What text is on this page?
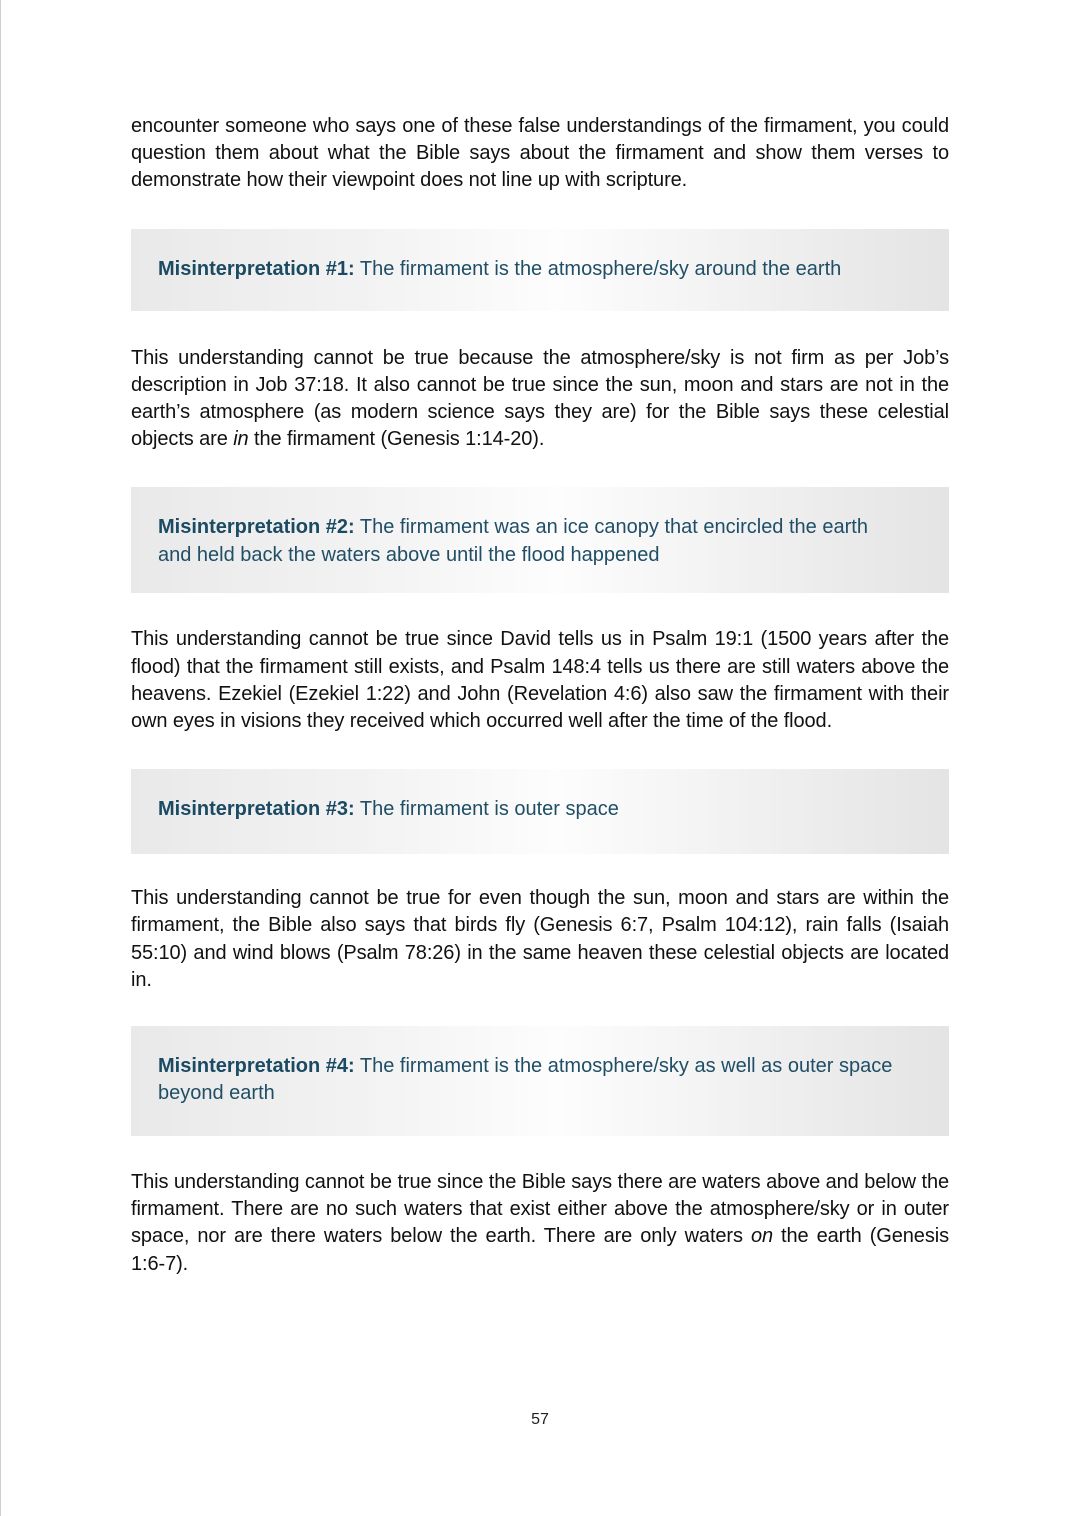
encounter someone who says one of these false understandings of the firmament, you could question them about what the Bible says about the firmament and show them verses to demonstrate how their viewpoint does not line up with scripture.

Misinterpretation #1: The firmament is the atmosphere/sky around the earth

This understanding cannot be true because the atmosphere/sky is not firm as per Job’s description in Job 37:18. It also cannot be true since the sun, moon and stars are not in the earth’s atmosphere (as modern science says they are) for the Bible says these celestial objects are in the firmament (Genesis 1:14-20).

Misinterpretation #2: The firmament was an ice canopy that encircled the earth and held back the waters above until the flood happened

This understanding cannot be true since David tells us in Psalm 19:1 (1500 years after the flood) that the firmament still exists, and Psalm 148:4 tells us there are still waters above the heavens. Ezekiel (Ezekiel 1:22) and John (Revelation 4:6) also saw the firmament with their own eyes in visions they received which occurred well after the time of the flood.

Misinterpretation #3: The firmament is outer space

This understanding cannot be true for even though the sun, moon and stars are within the firmament, the Bible also says that birds fly (Genesis 6:7, Psalm 104:12), rain falls (Isaiah 55:10) and wind blows (Psalm 78:26) in the same heaven these celestial objects are located in.

Misinterpretation #4: The firmament is the atmosphere/sky as well as outer space beyond earth

This understanding cannot be true since the Bible says there are waters above and below the firmament. There are no such waters that exist either above the atmosphere/sky or in outer space, nor are there waters below the earth. There are only waters on the earth (Genesis 1:6-7).

57
